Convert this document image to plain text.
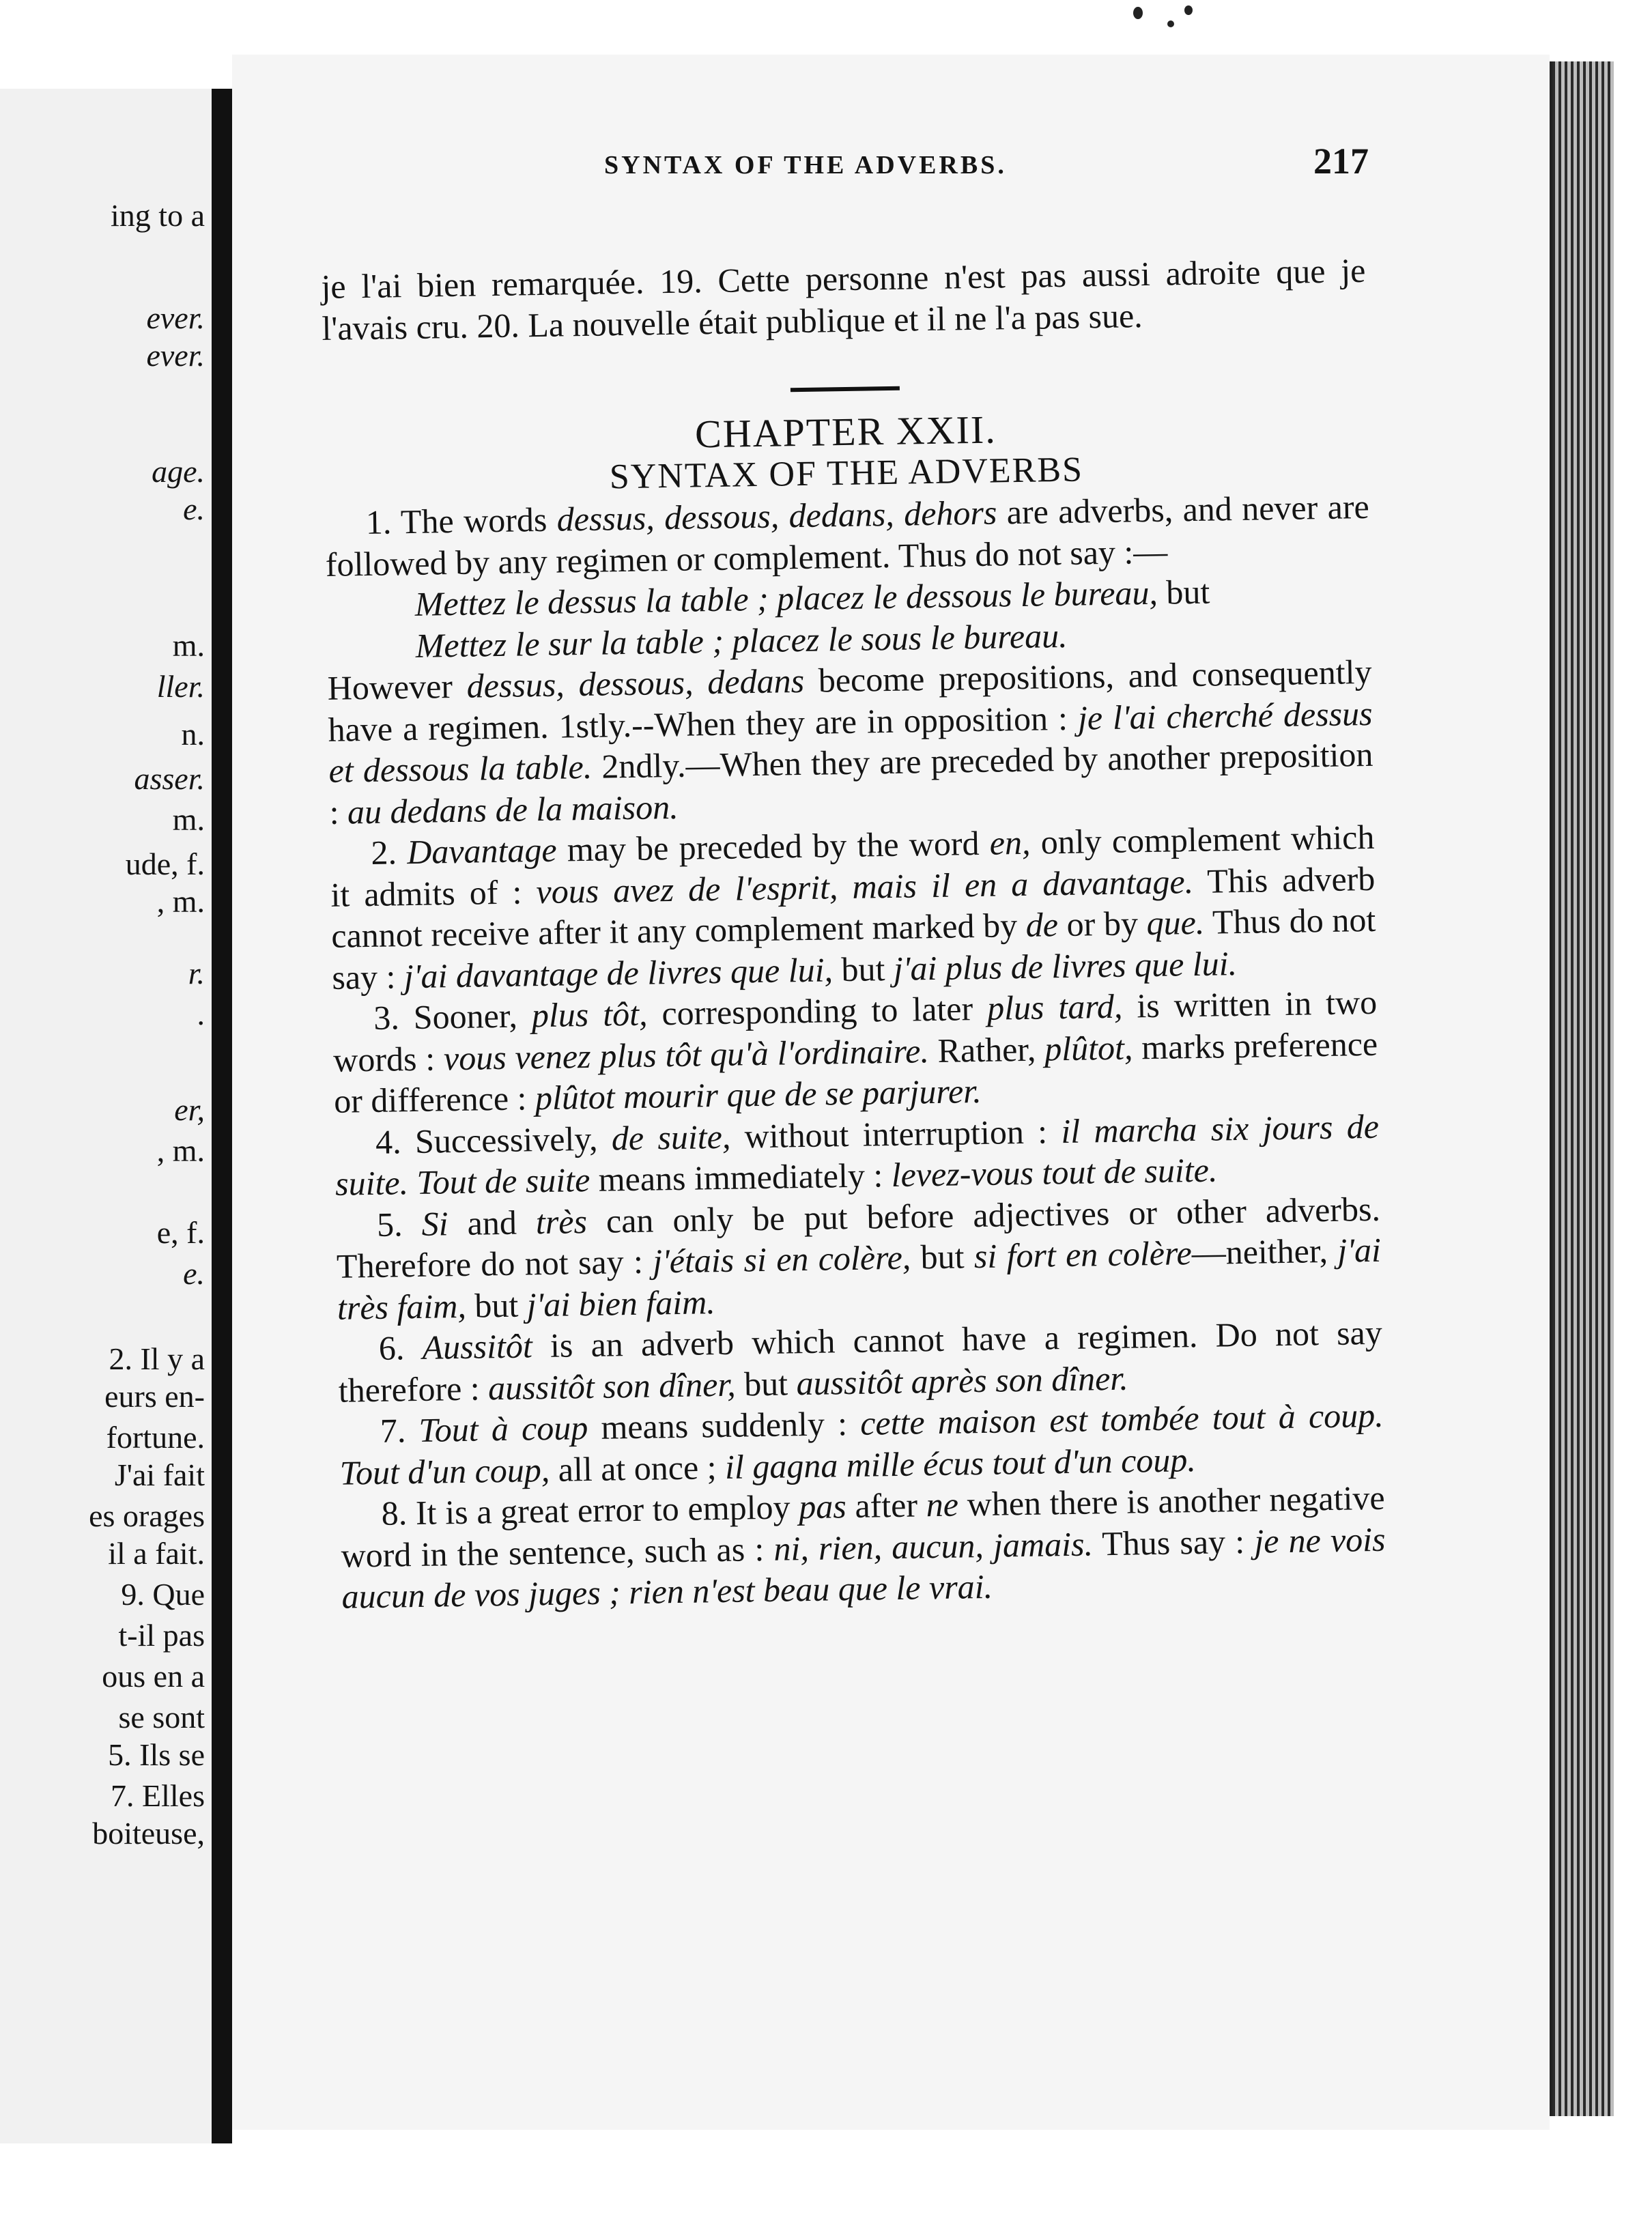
ing to a
ever.
ever.
age.
e.
m.
ller.
n.
asser.
m.
ude, f.
, m.
r.
.
er,
, m.
e, f.
e.
2. Il y a
eurs en-
fortune.
J'ai fait
es orages
il a fait.
9. Que
t-il pas
ous en a
se sont
5. Ils se
7. Elles
boiteuse,
SYNTAX OF THE ADVERBS.	217

je l'ai bien remarquée. 19. Cette personne n'est pas aussi adroite que je l'avais cru. 20. La nouvelle était publique et il ne l'a pas sue.

CHAPTER XXII.

SYNTAX OF THE ADVERBS

1. The words dessus, dessous, dedans, dehors are adverbs, and never are followed by any regimen or complement. Thus do not say :—

Mettez le dessus la table ; placez le dessous le bureau, but

Mettez le sur la table ; placez le sous le bureau.

However dessus, dessous, dedans become prepositions, and consequently have a regimen. 1stly.--When they are in opposition : je l'ai cherché dessus et dessous la table. 2ndly.—When they are preceded by another preposition : au dedans de la maison.

2. Davantage may be preceded by the word en, only complement which it admits of : vous avez de l'esprit, mais il en a davantage. This adverb cannot receive after it any complement marked by de or by que. Thus do not say : j'ai davantage de livres que lui, but j'ai plus de livres que lui.

3. Sooner, plus tôt, corresponding to later plus tard, is written in two words : vous venez plus tôt qu'à l'ordinaire. Rather, plûtot, marks preference or difference : plûtot mourir que de se parjurer.

4. Successively, de suite, without interruption : il marcha six jours de suite. Tout de suite means immediately : levez-vous tout de suite.

5. Si and très can only be put before adjectives or other adverbs. Therefore do not say : j'étais si en colère, but si fort en colère—neither, j'ai très faim, but j'ai bien faim.

6. Aussitôt is an adverb which cannot have a regimen. Do not say therefore : aussitôt son dîner, but aussitôt après son dîner.

7. Tout à coup means suddenly : cette maison est tombée tout à coup. Tout d'un coup, all at once ; il gagna mille écus tout d'un coup.

8. It is a great error to employ pas after ne when there is another negative word in the sentence, such as : ni, rien, aucun, jamais. Thus say : je ne vois aucun de vos juges ; rien n'est beau que le vrai.
